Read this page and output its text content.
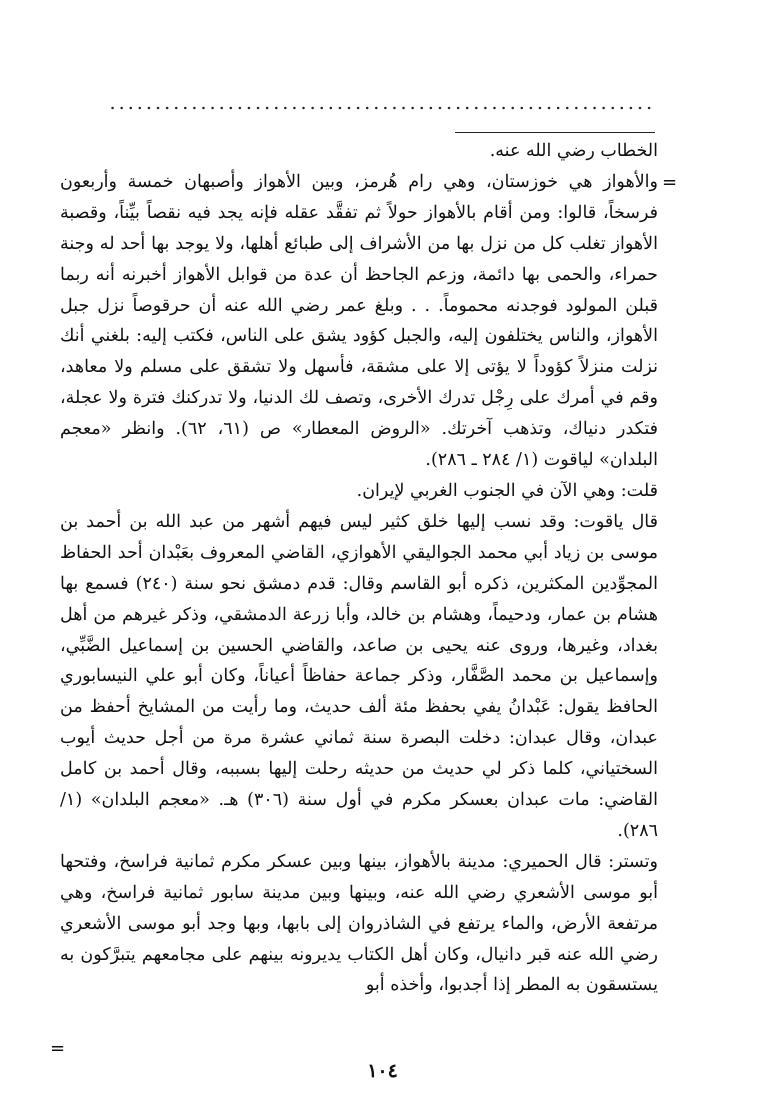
=

الخطاب رضي الله عنه.

والأهواز هي خوزستان، وهي رام هُرمز، وبين الأهواز وأصبهان خمسة وأربعون فرسخاً، قالوا: ومن أقام بالأهواز حولاً ثم تفقَّد عقله فإنه يجد فيه نقصاً بيِّناً، وقصبة الأهواز تغلب كل من نزل بها من الأشراف إلى طبائع أهلها، ولا يوجد بها أحد له وجنة حمراء، والحمى بها دائمة، وزعم الجاحظ أن عدة من قوابل الأهواز أخبرنه أنه ربما قبلن المولود فوجدنه محموماً. . . وبلغ عمر رضي الله عنه أن حرقوصاً نزل جبل الأهواز، والناس يختلفون إليه، والجبل كؤود يشق على الناس، فكتب إليه: بلغني أنك نزلت منزلاً كؤوداً لا يؤتى إلا على مشقة، فأسهل ولا تشقق على مسلم ولا معاهد، وقم في أمرك على رِجْل تدرك الأخرى، وتصف لك الدنيا، ولا تدركنك فترة ولا عجلة، فتكدر دنياك، وتذهب آخرتك. «الروض المعطار» ص (٦١، ٦٢). وانظر «معجم البلدان» لياقوت (١/ ٢٨٤ ـ ٢٨٦).

قلت: وهي الآن في الجنوب الغربي لإيران.

قال ياقوت: وقد نسب إليها خلق كثير ليس فيهم أشهر من عبد الله بن أحمد بن موسى بن زياد أبي محمد الجواليقي الأهوازي، القاضي المعروف بعَبْدان أحد الحفاظ المجوِّدين المكثرين، ذكره أبو القاسم وقال: قدم دمشق نحو سنة (٢٤٠) فسمع بها هشام بن عمار، ودحيماً، وهشام بن خالد، وأبا زرعة الدمشقي، وذكر غيرهم من أهل بغداد، وغيرها، وروى عنه يحيى بن صاعد، والقاضي الحسين بن إسماعيل الضَّبِّي، وإسماعيل بن محمد الصَّفَّار، وذكر جماعة حفاظاً أعياناً، وكان أبو علي النيسابوري الحافظ يقول: عَبْدانُ يفي بحفظ مئة ألف حديث، وما رأيت من المشايخ أحفظ من عبدان، وقال عبدان: دخلت البصرة سنة ثماني عشرة مرة من أجل حديث أيوب السختياني، كلما ذكر لي حديث من حديثه رحلت إليها بسببه، وقال أحمد بن كامل القاضي: مات عبدان بعسكر مكرم في أول سنة (٣٠٦) هـ. «معجم البلدان» (١/ ٢٨٦).

وتستر: قال الحميري: مدينة بالأهواز، بينها وبين عسكر مكرم ثمانية فراسخ، وفتحها أبو موسى الأشعري رضي الله عنه، وبينها وبين مدينة سابور ثمانية فراسخ، وهي مرتفعة الأرض، والماء يرتفع في الشاذروان إلى بابها، وبها وجد أبو موسى الأشعري رضي الله عنه قبر دانيال، وكان أهل الكتاب يديرونه بينهم على مجامعهم يتبرَّكون به يستسقون به المطر إذا أجدبوا، وأخذه أبو

=
١٠٤
